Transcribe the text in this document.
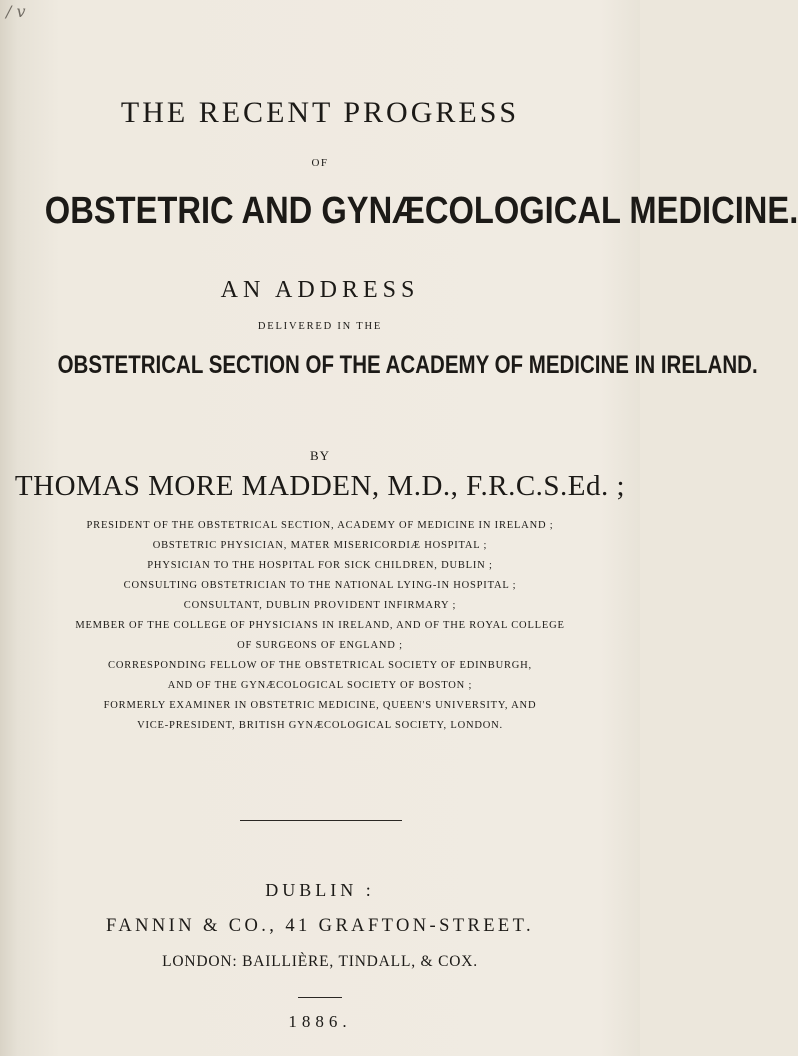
/ v
THE RECENT PROGRESS
OF
OBSTETRIC AND GYNÆCOLOGICAL MEDICINE.
AN ADDRESS
DELIVERED IN THE
OBSTETRICAL SECTION OF THE ACADEMY OF MEDICINE IN IRELAND.
BY
THOMAS MORE MADDEN, M.D., F.R.C.S.Ed. ;
PRESIDENT OF THE OBSTETRICAL SECTION, ACADEMY OF MEDICINE IN IRELAND ;
OBSTETRIC PHYSICIAN, MATER MISERICORDIÆ HOSPITAL ;
PHYSICIAN TO THE HOSPITAL FOR SICK CHILDREN, DUBLIN ;
CONSULTING OBSTETRICIAN TO THE NATIONAL LYING-IN HOSPITAL ;
CONSULTANT, DUBLIN PROVIDENT INFIRMARY ;
MEMBER OF THE COLLEGE OF PHYSICIANS IN IRELAND, AND OF THE ROYAL COLLEGE
OF SURGEONS OF ENGLAND ;
CORRESPONDING FELLOW OF THE OBSTETRICAL SOCIETY OF EDINBURGH,
AND OF THE GYNÆCOLOGICAL SOCIETY OF BOSTON ;
FORMERLY EXAMINER IN OBSTETRIC MEDICINE, QUEEN'S UNIVERSITY, AND
VICE-PRESIDENT, BRITISH GYNÆCOLOGICAL SOCIETY, LONDON.
DUBLIN :
FANNIN & CO., 41 GRAFTON-STREET.
LONDON: BAILLIÈRE, TINDALL, & COX.
1886.
